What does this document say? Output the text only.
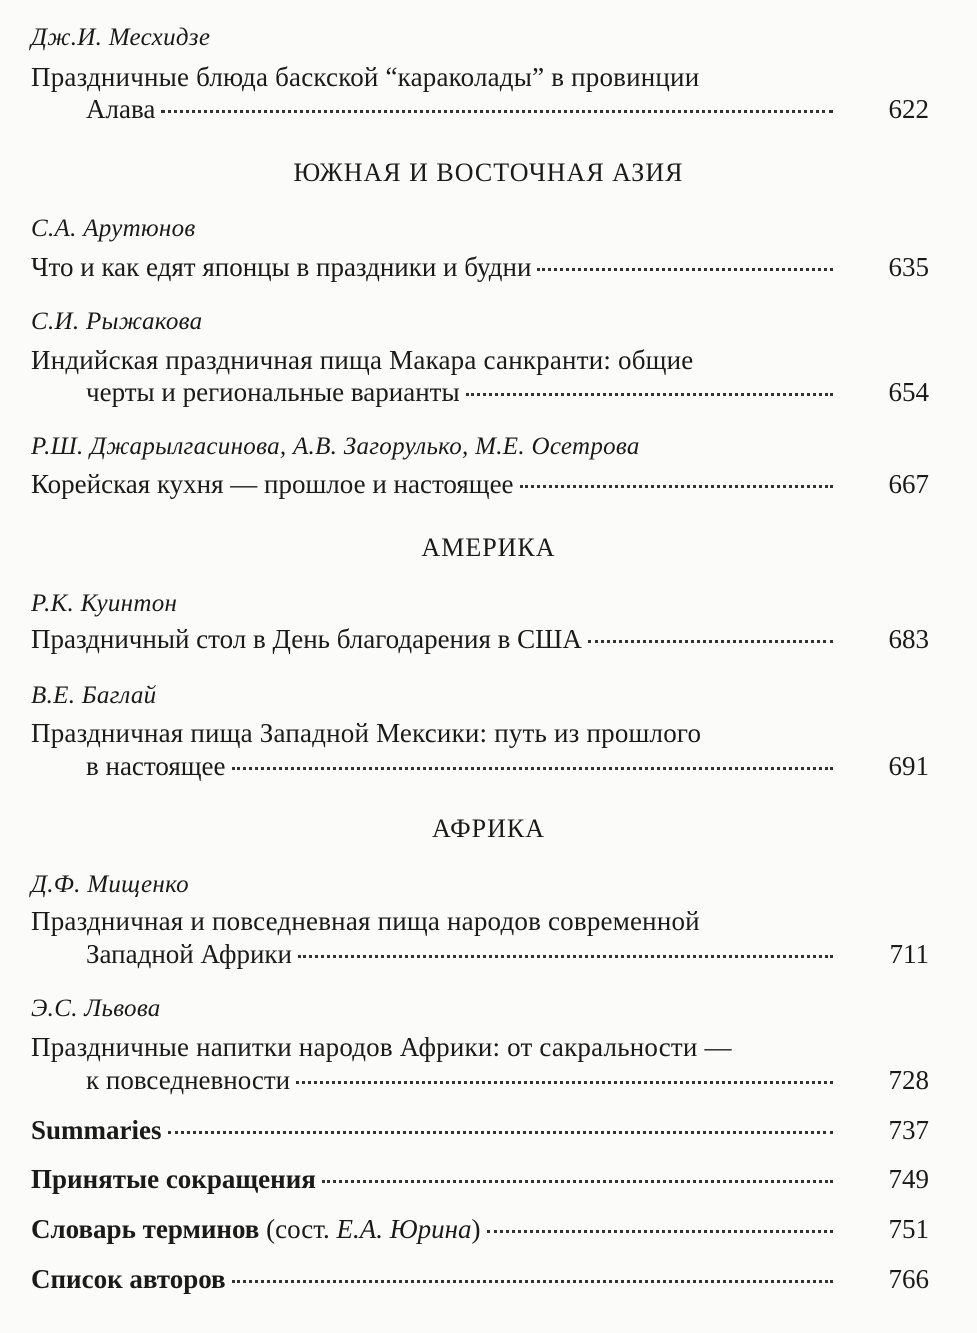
Дж.И. Месхидзе
Праздничные блюда баскской “караколады” в провинции
Алава	622
ЮЖНАЯ И ВОСТОЧНАЯ АЗИЯ
С.А. Арутюнов
Что и как едят японцы в праздники и будни	635
С.И. Рыжакова
Индийская праздничная пища Макара санкранти: общие
черты и региональные варианты	654
Р.Ш. Джарылгасинова, А.В. Загорулько, М.Е. Осетрова
Корейская кухня — прошлое и настоящее	667
АМЕРИКА
Р.К. Куинтон
Праздничный стол в День благодарения в США	683
В.Е. Баглай
Праздничная пища Западной Мексики: путь из прошлого
в настоящее	691
АФРИКА
Д.Ф. Мищенко
Праздничная и повседневная пища народов современной
Западной Африки	711
Э.С. Львова
Праздничные напитки народов Африки: от сакральности —
к повседневности	728
Summaries	737
Принятые сокращения	749
Словарь терминов (сост. Е.А. Юрина)	751
Список авторов	766
